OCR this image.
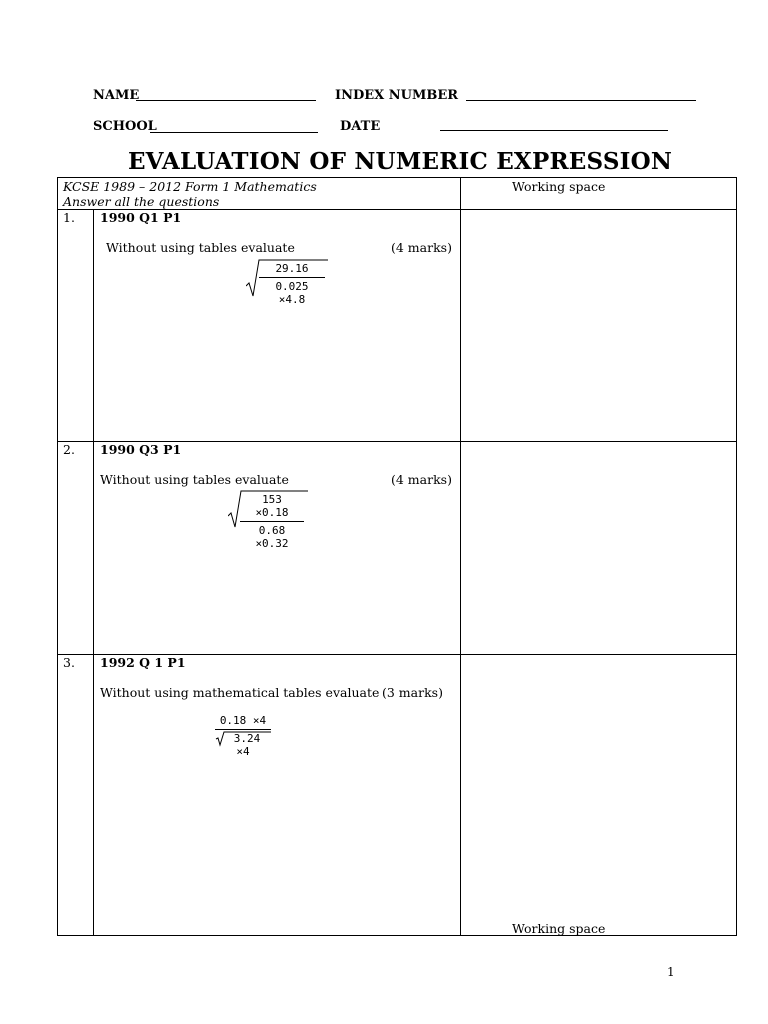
NAME	INDEX NUMBER
SCHOOL	DATE
EVALUATION OF NUMERIC EXPRESSION
KCSE 1989 – 2012 Form 1 Mathematics
Answer all the questions
Working space
1. 1990 Q1 P1
Without using tables evaluate	(4 marks)
$\frac{29.16}{0.025 \times 4.8}$
2. 1990 Q3 P1
Without using tables evaluate	(4 marks)
$\frac{153 \times 0.18}{0.68 \times 0.32}$
3. 1992 Q 1 P1
Without using mathematical tables evaluate (3 marks)
$\frac{0.18 \times 4}{3.24 \times 4}$
Working space
1
